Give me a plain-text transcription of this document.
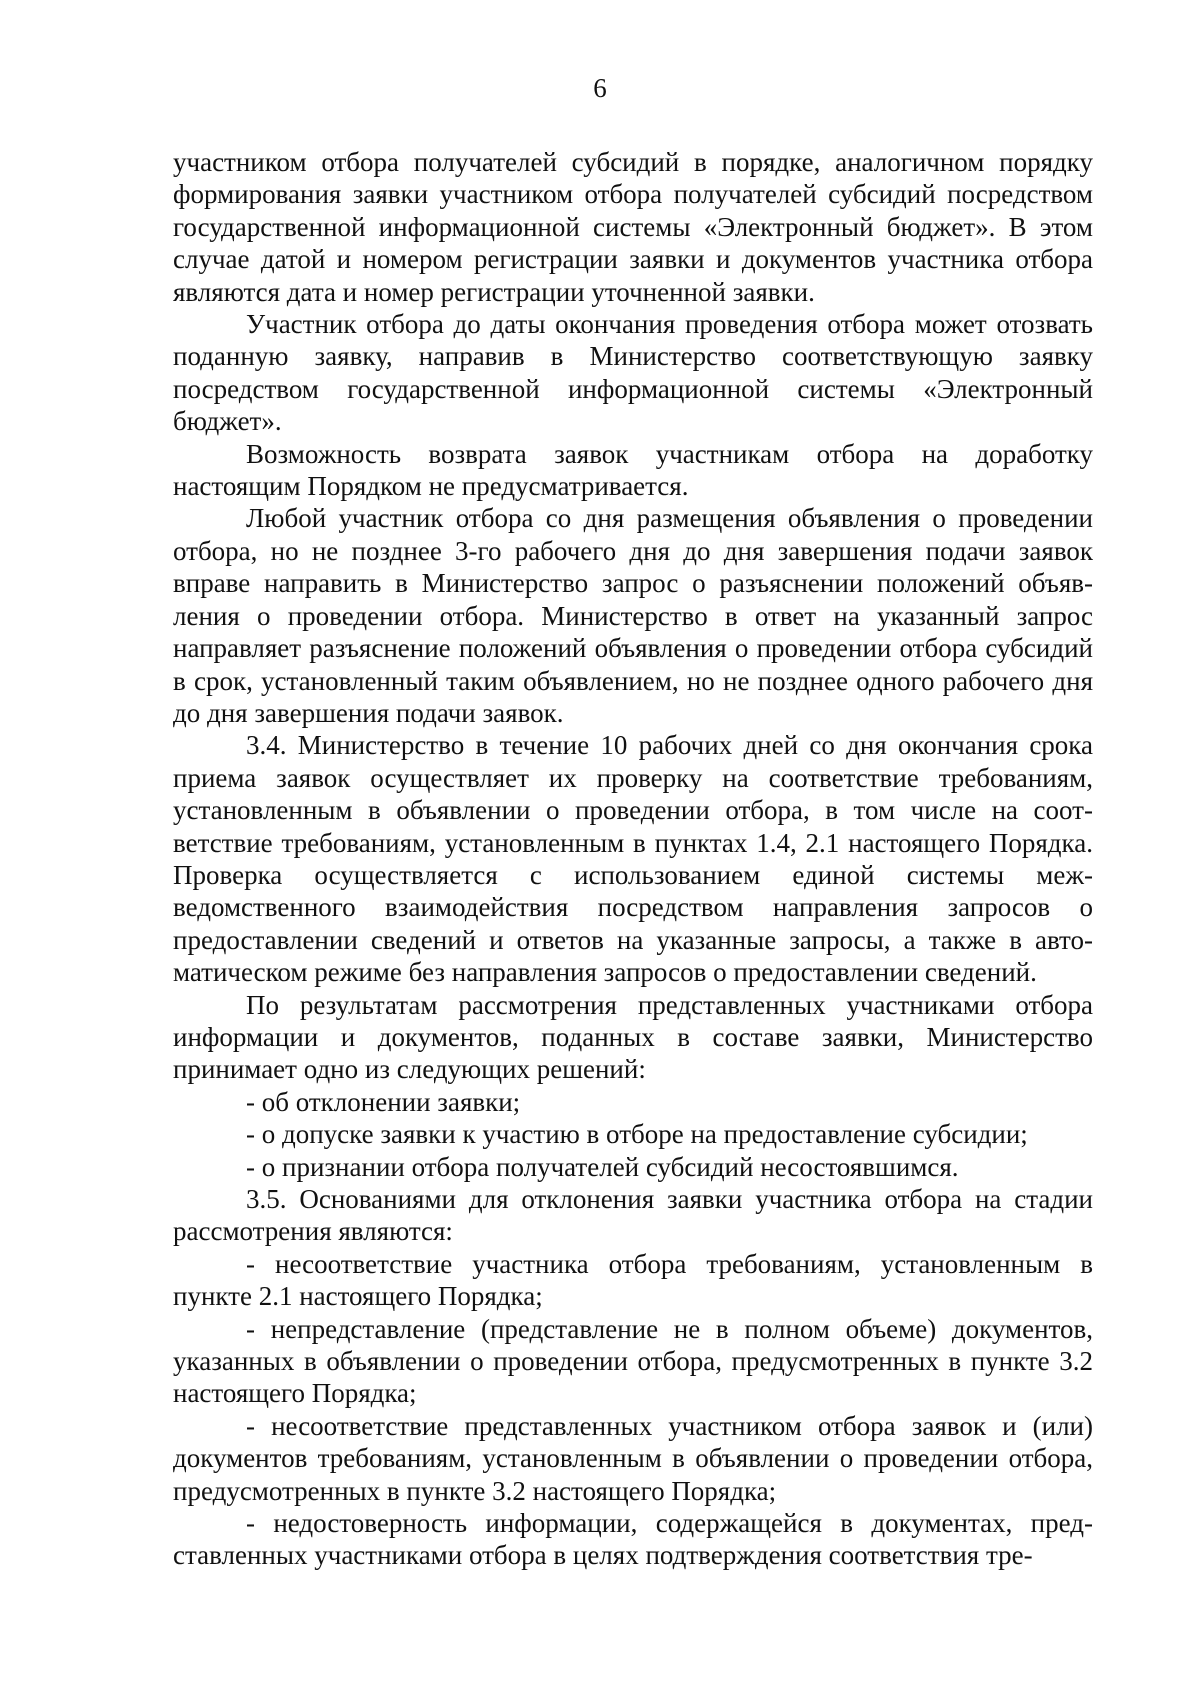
6

участником отбора получателей субсидий в порядке, аналогичном порядку формирования заявки участником отбора получателей субсидий посредством государственной информационной системы «Электронный бюджет». В этом случае датой и номером регистрации заявки и документов участника отбора являются дата и номер регистрации уточненной заявки.

Участник отбора до даты окончания проведения отбора может отозвать поданную заявку, направив в Министерство соответствующую заявку посредством государственной информационной системы «Электронный бюджет».

Возможность возврата заявок участникам отбора на доработку настоящим Порядком не предусматривается.

Любой участник отбора со дня размещения объявления о проведении отбора, но не позднее 3-го рабочего дня до дня завершения подачи заявок вправе направить в Министерство запрос о разъяснении положений объявления о проведении отбора. Министерство в ответ на указанный запрос направляет разъяснение положений объявления о проведении отбора субсидий в срок, установленный таким объявлением, но не позднее одного рабочего дня до дня завершения подачи заявок.

3.4. Министерство в течение 10 рабочих дней со дня окончания срока приема заявок осуществляет их проверку на соответствие требованиям, установленным в объявлении о проведении отбора, в том числе на соответствие требованиям, установленным в пунктах 1.4, 2.1 настоящего Порядка. Проверка осуществляется с использованием единой системы межведомственного взаимодействия посредством направления запросов о предоставлении сведений и ответов на указанные запросы, а также в автоматическом режиме без направления запросов о предоставлении сведений.

По результатам рассмотрения представленных участниками отбора информации и документов, поданных в составе заявки, Министерство принимает одно из следующих решений:

- об отклонении заявки;

- о допуске заявки к участию в отборе на предоставление субсидии;

- о признании отбора получателей субсидий несостоявшимся.

3.5. Основаниями для отклонения заявки участника отбора на стадии рассмотрения являются:

- несоответствие участника отбора требованиям, установленным в пункте 2.1 настоящего Порядка;

- непредставление (представление не в полном объеме) документов, указанных в объявлении о проведении отбора, предусмотренных в пункте 3.2 настоящего Порядка;

- несоответствие представленных участником отбора заявок и (или) документов требованиям, установленным в объявлении о проведении отбора, предусмотренных в пункте 3.2 настоящего Порядка;

- недостоверность информации, содержащейся в документах, представленных участниками отбора в целях подтверждения соответствия тре-
